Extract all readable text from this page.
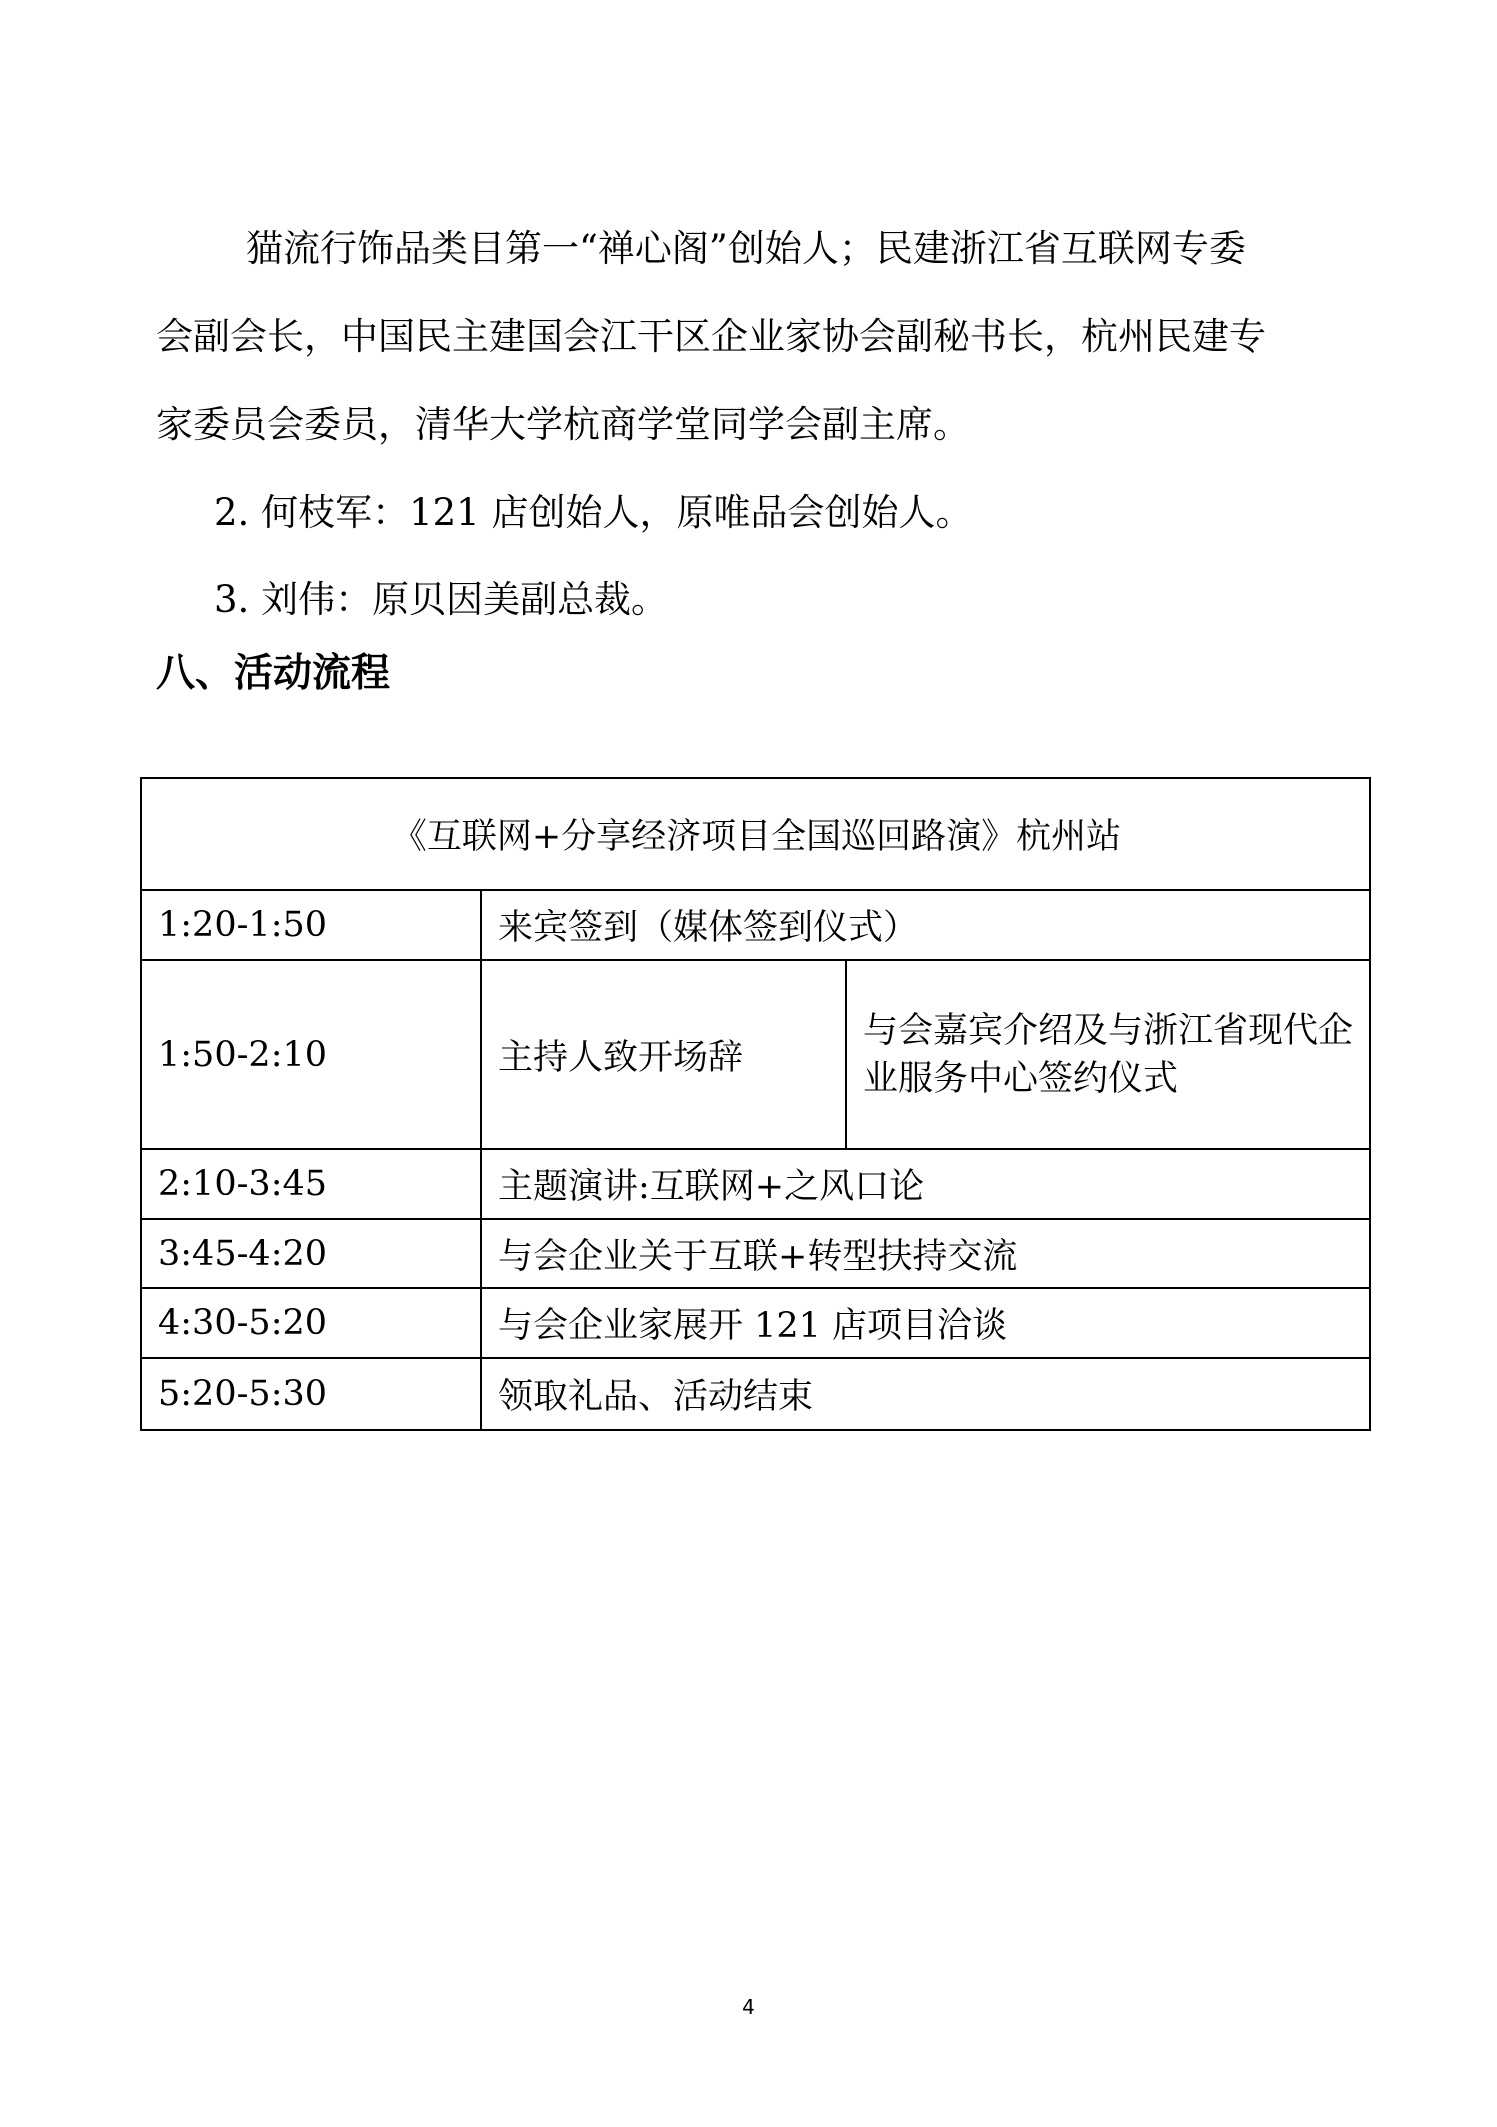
猫流行饰品类目第一“禅心阁”创始人；民建浙江省互联网专委

会副会长，中国民主建国会江干区企业家协会副秘书长，杭州民建专

家委员会委员，清华大学杭商学堂同学会副主席。

2. 何枝军：121 店创始人，原唯品会创始人。

3. 刘伟：原贝因美副总裁。

八、活动流程
《互联网+分享经济项目全国巡回路演》杭州站		
1:20-1:50	来宾签到（媒体签到仪式）	
1:50-2:10	主持人致开场辞	与会嘉宾介绍及与浙江省现代企业服务中心签约仪式
2:10-3:45	主题演讲:互联网+之风口论	
3:45-4:20	与会企业关于互联+转型扶持交流	
4:30-5:20	与会企业家展开 121 店项目洽谈	
5:20-5:30	领取礼品、活动结束	
4
